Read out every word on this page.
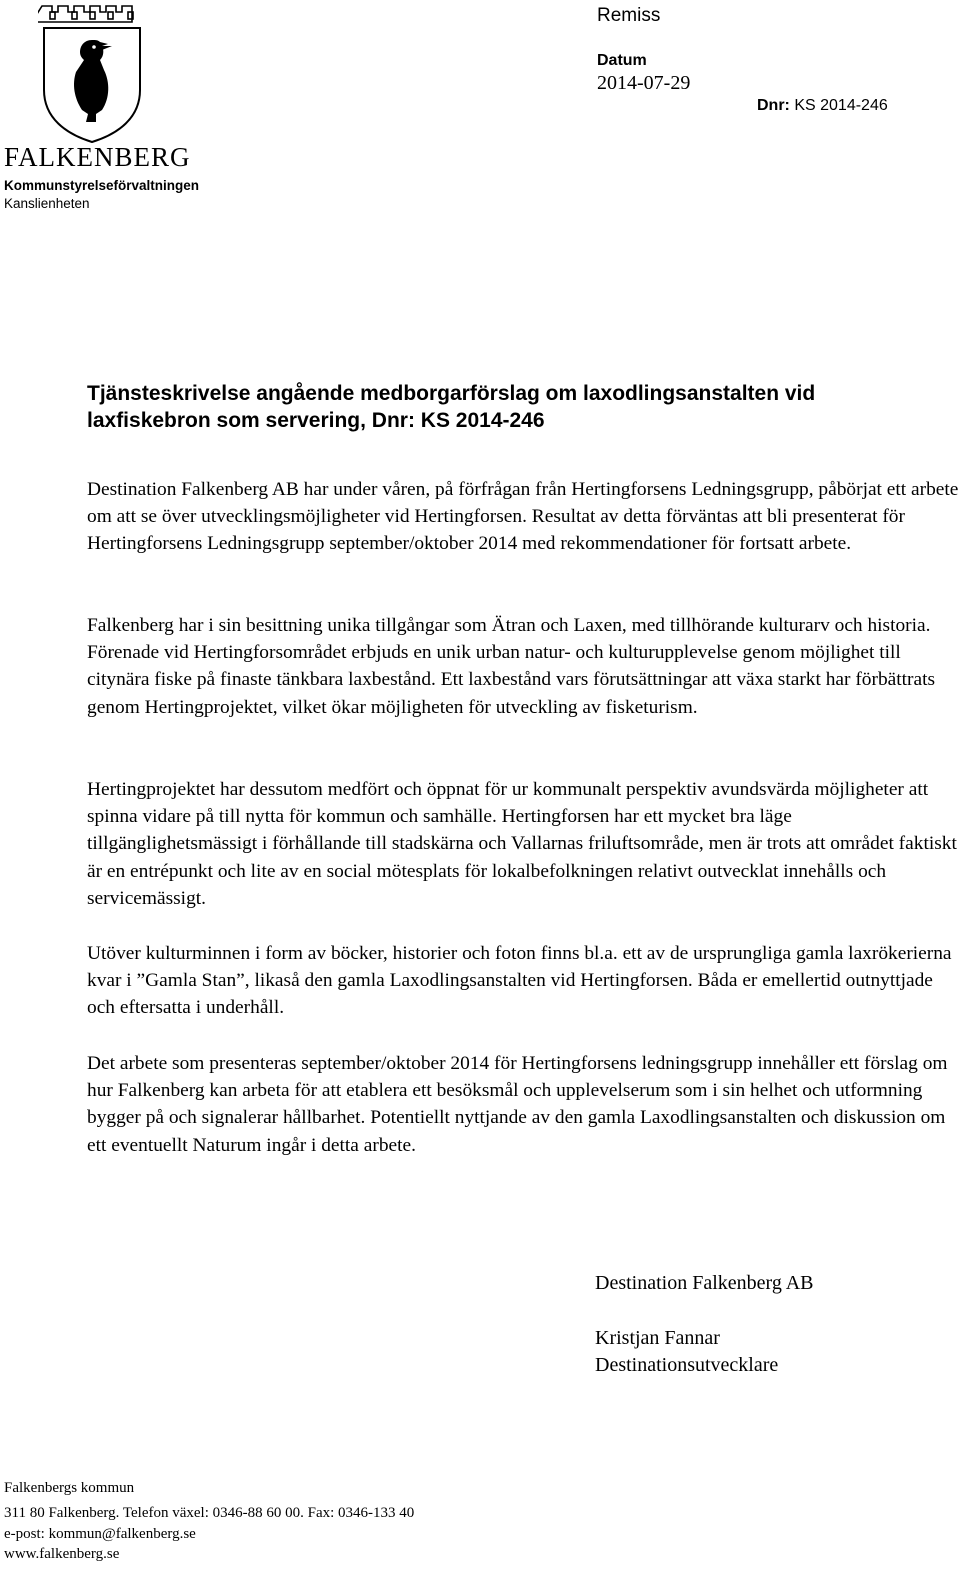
FALKENBERG
Kommunstyrelseförvaltningen
Kanslienheten
Remiss
Datum
2014-07-29
Dnr: KS 2014-246
Tjänsteskrivelse angående medborgarförslag om laxodlingsanstalten vid laxfiskebron som servering, Dnr: KS 2014-246
Destination Falkenberg AB har under våren, på förfrågan från Hertingforsens Ledningsgrupp, påbörjat ett arbete om att se över utvecklingsmöjligheter vid Hertingforsen. Resultat av detta förväntas att bli presenterat för Hertingforsens Ledningsgrupp september/oktober 2014 med rekommendationer för fortsatt arbete.
Falkenberg har i sin besittning unika tillgångar som Ätran och Laxen, med tillhörande kulturarv och historia. Förenade vid Hertingforsområdet erbjuds en unik urban natur- och kulturupplevelse genom möjlighet till citynära fiske på finaste tänkbara laxbestånd. Ett laxbestånd vars förutsättningar att växa starkt har förbättrats genom Hertingprojektet, vilket ökar möjligheten för utveckling av fisketurism.
Hertingprojektet har dessutom medfört och öppnat för ur kommunalt perspektiv avundsvärda möjligheter att spinna vidare på till nytta för kommun och samhälle. Hertingforsen har ett mycket bra läge tillgänglighetsmässigt i förhållande till stadskärna och Vallarnas friluftsområde, men är trots att området faktiskt är en entrépunkt och lite av en social mötesplats för lokalbefolkningen relativt outvecklat innehålls och servicemässigt.
Utöver kulturminnen i form av böcker, historier och foton finns bl.a. ett av de ursprungliga gamla laxrökerierna kvar i ”Gamla Stan”, likaså den gamla Laxodlingsanstalten vid Hertingforsen. Båda er emellertid outnyttjade och eftersatta i underhåll.
Det arbete som presenteras september/oktober 2014 för Hertingforsens ledningsgrupp innehåller ett förslag om hur Falkenberg kan arbeta för att etablera ett besöksmål och upplevelserum som i sin helhet och utformning bygger på och signalerar hållbarhet. Potentiellt nyttjande av den gamla Laxodlingsanstalten och diskussion om ett eventuellt Naturum ingår i detta arbete.
Destination Falkenberg AB
Kristjan Fannar
Destinationsutvecklare
Falkenbergs kommun
311 80 Falkenberg. Telefon växel: 0346-88 60 00. Fax: 0346-133 40
e-post: kommun@falkenberg.se
www.falkenberg.se
